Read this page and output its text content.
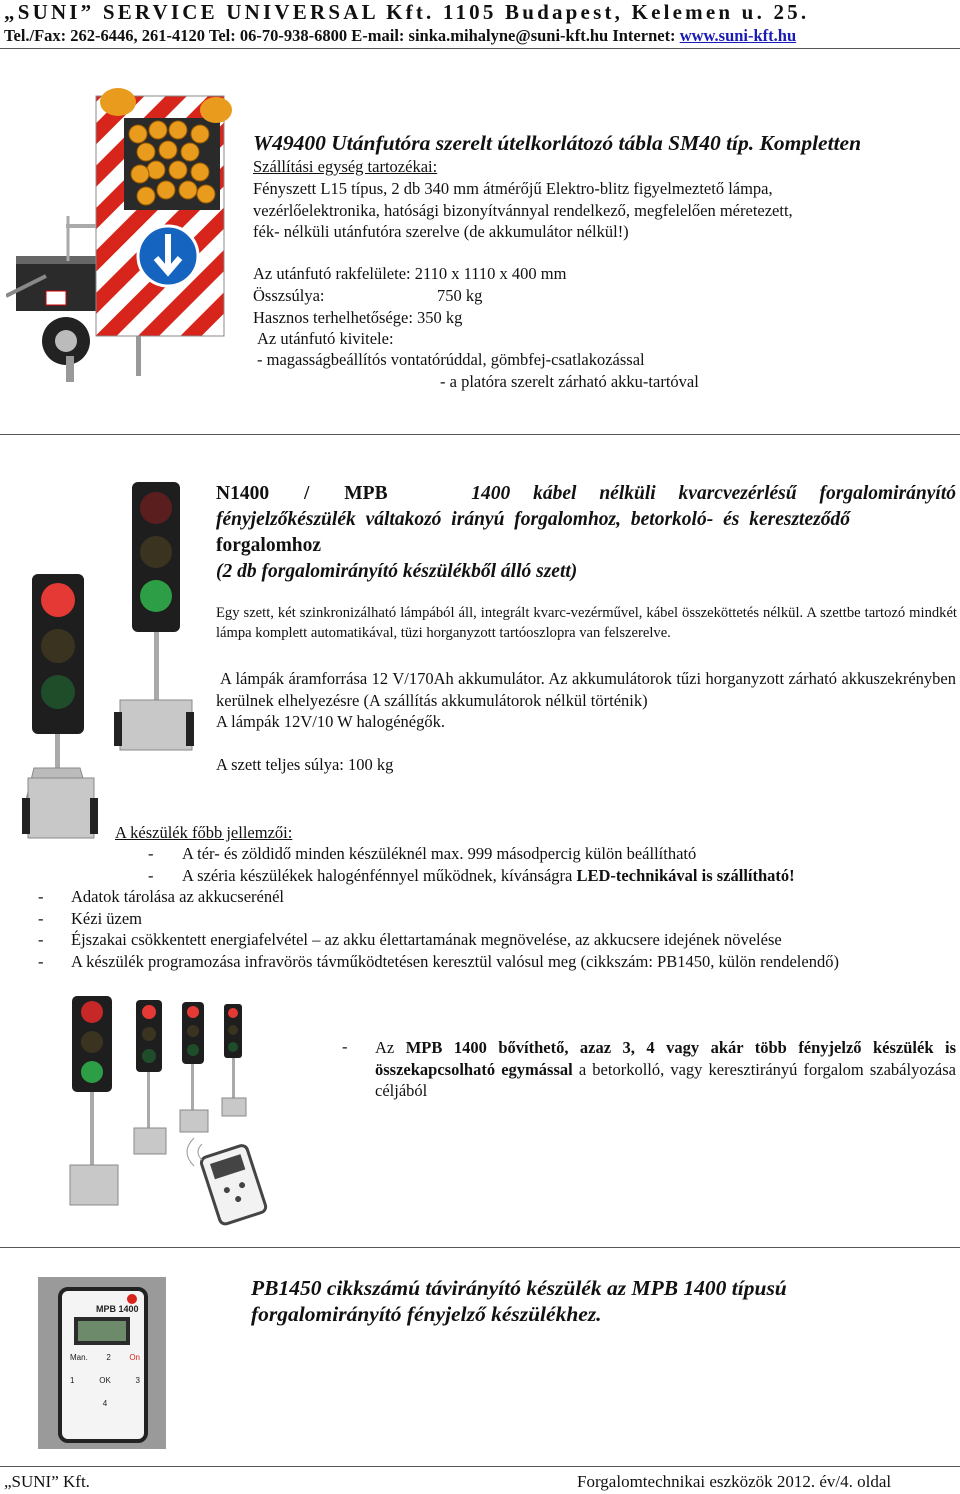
„SUNI” SERVICE UNIVERSAL Kft. 1105 Budapest, Kelemen u. 25.
Tel./Fax: 262-6446, 261-4120 Tel: 06-70-938-6800 E-mail: sinka.mihalyne@suni-kft.hu Internet: www.suni-kft.hu
W49400 Utánfutóra szerelt útelkorlátozó tábla SM40 típ. Kompletten
Szállítási egység tartozékai:
Fényszett L15 típus, 2 db 340 mm átmérőjű Elektro-blitz figyelmeztető lámpa,
vezérlőelektronika, hatósági bizonyítvánnyal rendelkező, megfelelően méretezett,
fék- nélküli utánfutóra szerelve (de akkumulátor nélkül!)
Az utánfutó rakfelülete: 2110 x 1110 x 400 mm
Összsúlya:	750 kg
Hasznos terhelhetősége: 350 kg
Az utánfutó kivitele:
- magasságbeállítós vontatórúddal, gömbfej-csatlakozással
- a platóra szerelt zárható akku-tartóval
N1400 / MPB	1400 kábel nélküli kvarcvezérlésű forgalomirányító
fényjelzőkészülék váltakozó irányú forgalomhoz, betorkoló- és kereszteződő
forgalomhoz
(2 db forgalomirányító készülékből álló szett)
Egy szett, két szinkronizálható lámpából áll, integrált kvarc-vezérművel, kábel összeköttetés nélkül. A szettbe tartozó mindkét lámpa komplett automatikával, tüzi horganyzott tartóoszlopra van felszerelve.
A lámpák áramforrása 12 V/170Ah akkumulátor. Az akkumulátorok tűzi horganyzott zárható akkuszekrényben kerülnek elhelyezésre (A szállítás akkumulátorok nélkül történik)
A lámpák 12V/10 W halogénégők.
A szett teljes súlya: 100 kg
A készülék főbb jellemzői:
- A tér- és zöldidő minden készüléknél max. 999 másodpercig külön beállítható
- A széria készülékek halogénfénnyel működnek, kívánságra LED-technikával is szállítható!
- Adatok tárolása az akkucserénél
- Kézi üzem
- Éjszakai csökkentett energiafelvétel – az akku élettartamának megnövelése, az akkucsere idejének növelése
- A készülék programozása infravörös távműködtetésen keresztül valósul meg (cikkszám: PB1450, külön rendelendő)
- Az MPB 1400 bővíthető, azaz 3, 4 vagy akár több fényjelző készülék is összekapcsolható egymással a betorkolló, vagy keresztirányú forgalom szabályozása céljából
MPB 1400
Man. 2 On
1	OK	3
4
PB1450 cikkszámú távirányító készülék az MPB 1400 típusú
forgalomirányító fényjelző készülékhez.
„SUNI” Kft.	Forgalomtechnikai eszközök 2012. év/4. oldal
